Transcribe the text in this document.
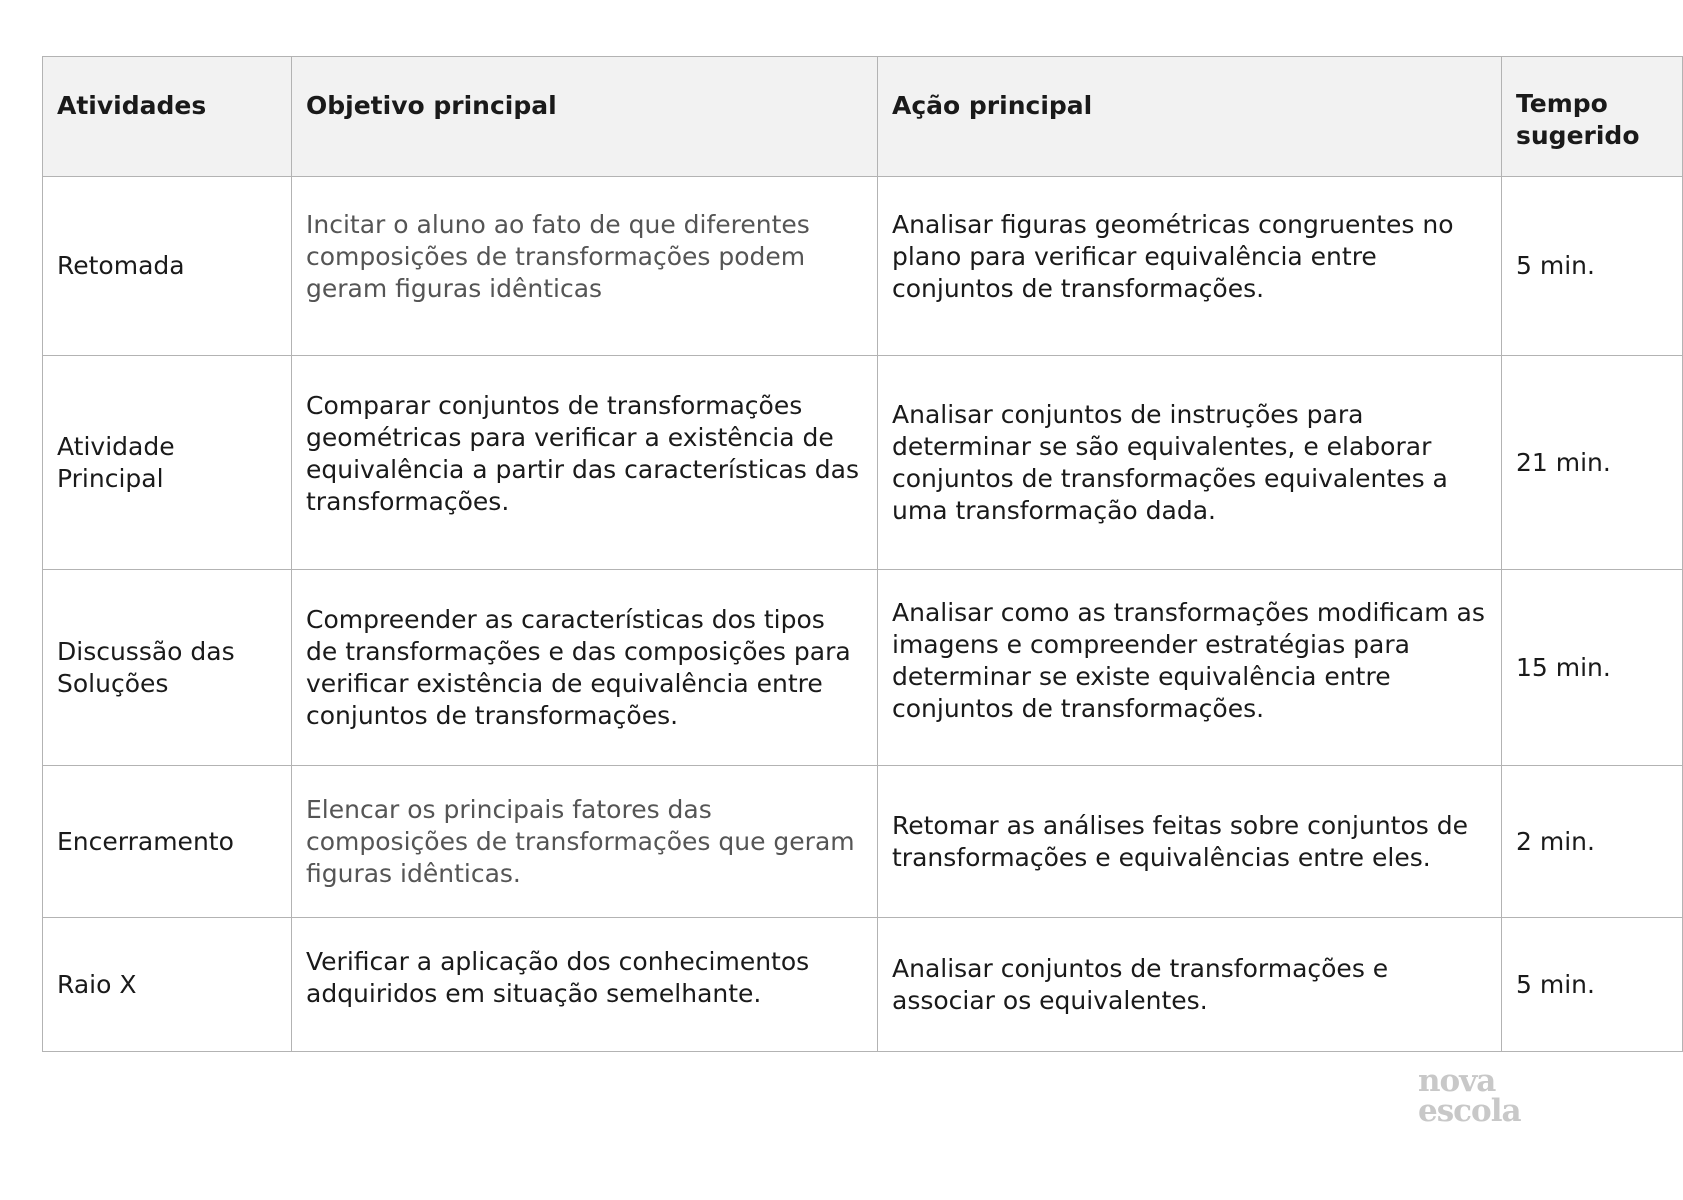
Atividades	Objetivo principal	Ação principal	Tempo sugerido

Retomada	Incitar o aluno ao fato de que diferentes composições de transformações podem geram figuras idênticas	Analisar figuras geométricas congruentes no plano para verificar equivalência entre conjuntos de transformações.	5 min.

Atividade Principal	Comparar conjuntos de transformações geométricas para verificar a existência de equivalência a partir das características das transformações.	Analisar conjuntos de instruções para determinar se são equivalentes, e elaborar conjuntos de transformações equivalentes a uma transformação dada.	21 min.

Discussão das Soluções	Compreender as características dos tipos de transformações e das composições para verificar existência de equivalência entre conjuntos de transformações.	Analisar como as transformações modificam as imagens e compreender estratégias para determinar se existe equivalência entre conjuntos de transformações.	15 min.

Encerramento	Elencar os principais fatores das composições de transformações que geram figuras idênticas.	Retomar as análises feitas sobre conjuntos de transformações e equivalências entre eles.	2 min.

Raio X	Verificar a aplicação dos conhecimentos adquiridos em situação semelhante.	Analisar conjuntos de transformações e associar os equivalentes.	5 min.
nova
escola
